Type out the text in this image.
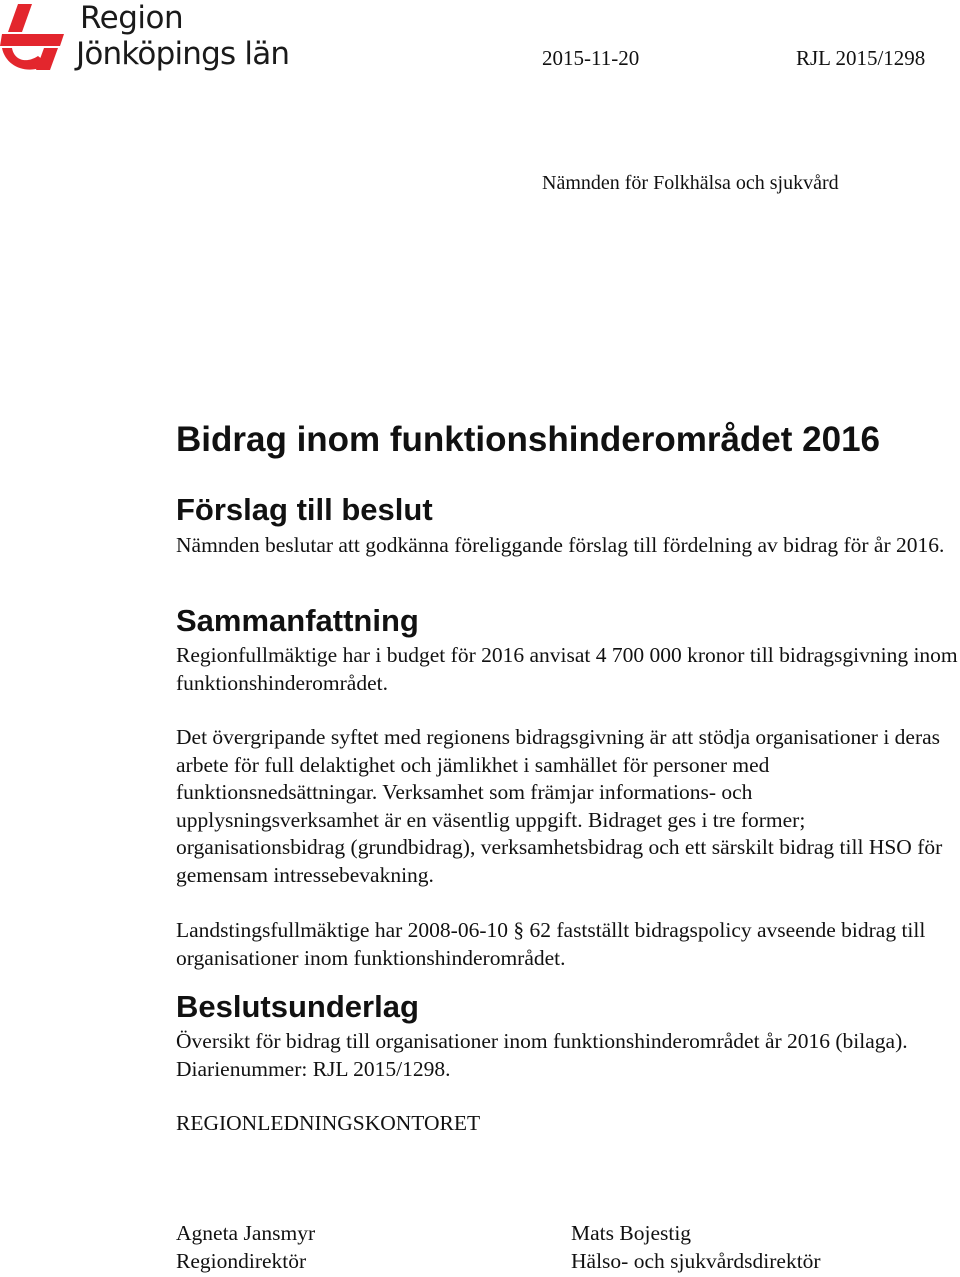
Region
Jönköpings län	2015-11-20	RJL 2015/1298
Nämnden för Folkhälsa och sjukvård
Bidrag inom funktionshinderområdet 2016
Förslag till beslut

Nämnden beslutar att godkänna föreliggande förslag till fördelning av bidrag för år 2016.

Sammanfattning

Regionfullmäktige har i budget för 2016 anvisat 4 700 000 kronor till bidragsgivning inom funktionshinderområdet.

Det övergripande syftet med regionens bidragsgivning är att stödja organisationer i deras arbete för full delaktighet och jämlikhet i samhället för personer med funktionsnedsättningar. Verksamhet som främjar informations- och upplysningsverksamhet är en väsentlig uppgift. Bidraget ges i tre former; organisationsbidrag (grundbidrag), verksamhetsbidrag och ett särskilt bidrag till HSO för gemensam intressebevakning.

Landstingsfullmäktige har 2008-06-10 § 62 fastställt bidragspolicy avseende bidrag till organisationer inom funktionshinderområdet.

Beslutsunderlag

Översikt för bidrag till organisationer inom funktionshinderområdet år 2016 (bilaga). Diarienummer: RJL 2015/1298.

REGIONLEDNINGSKONTORET

Agneta Jansmyr
Regiondirektör
Mats Bojestig
Hälso- och sjukvårdsdirektör
